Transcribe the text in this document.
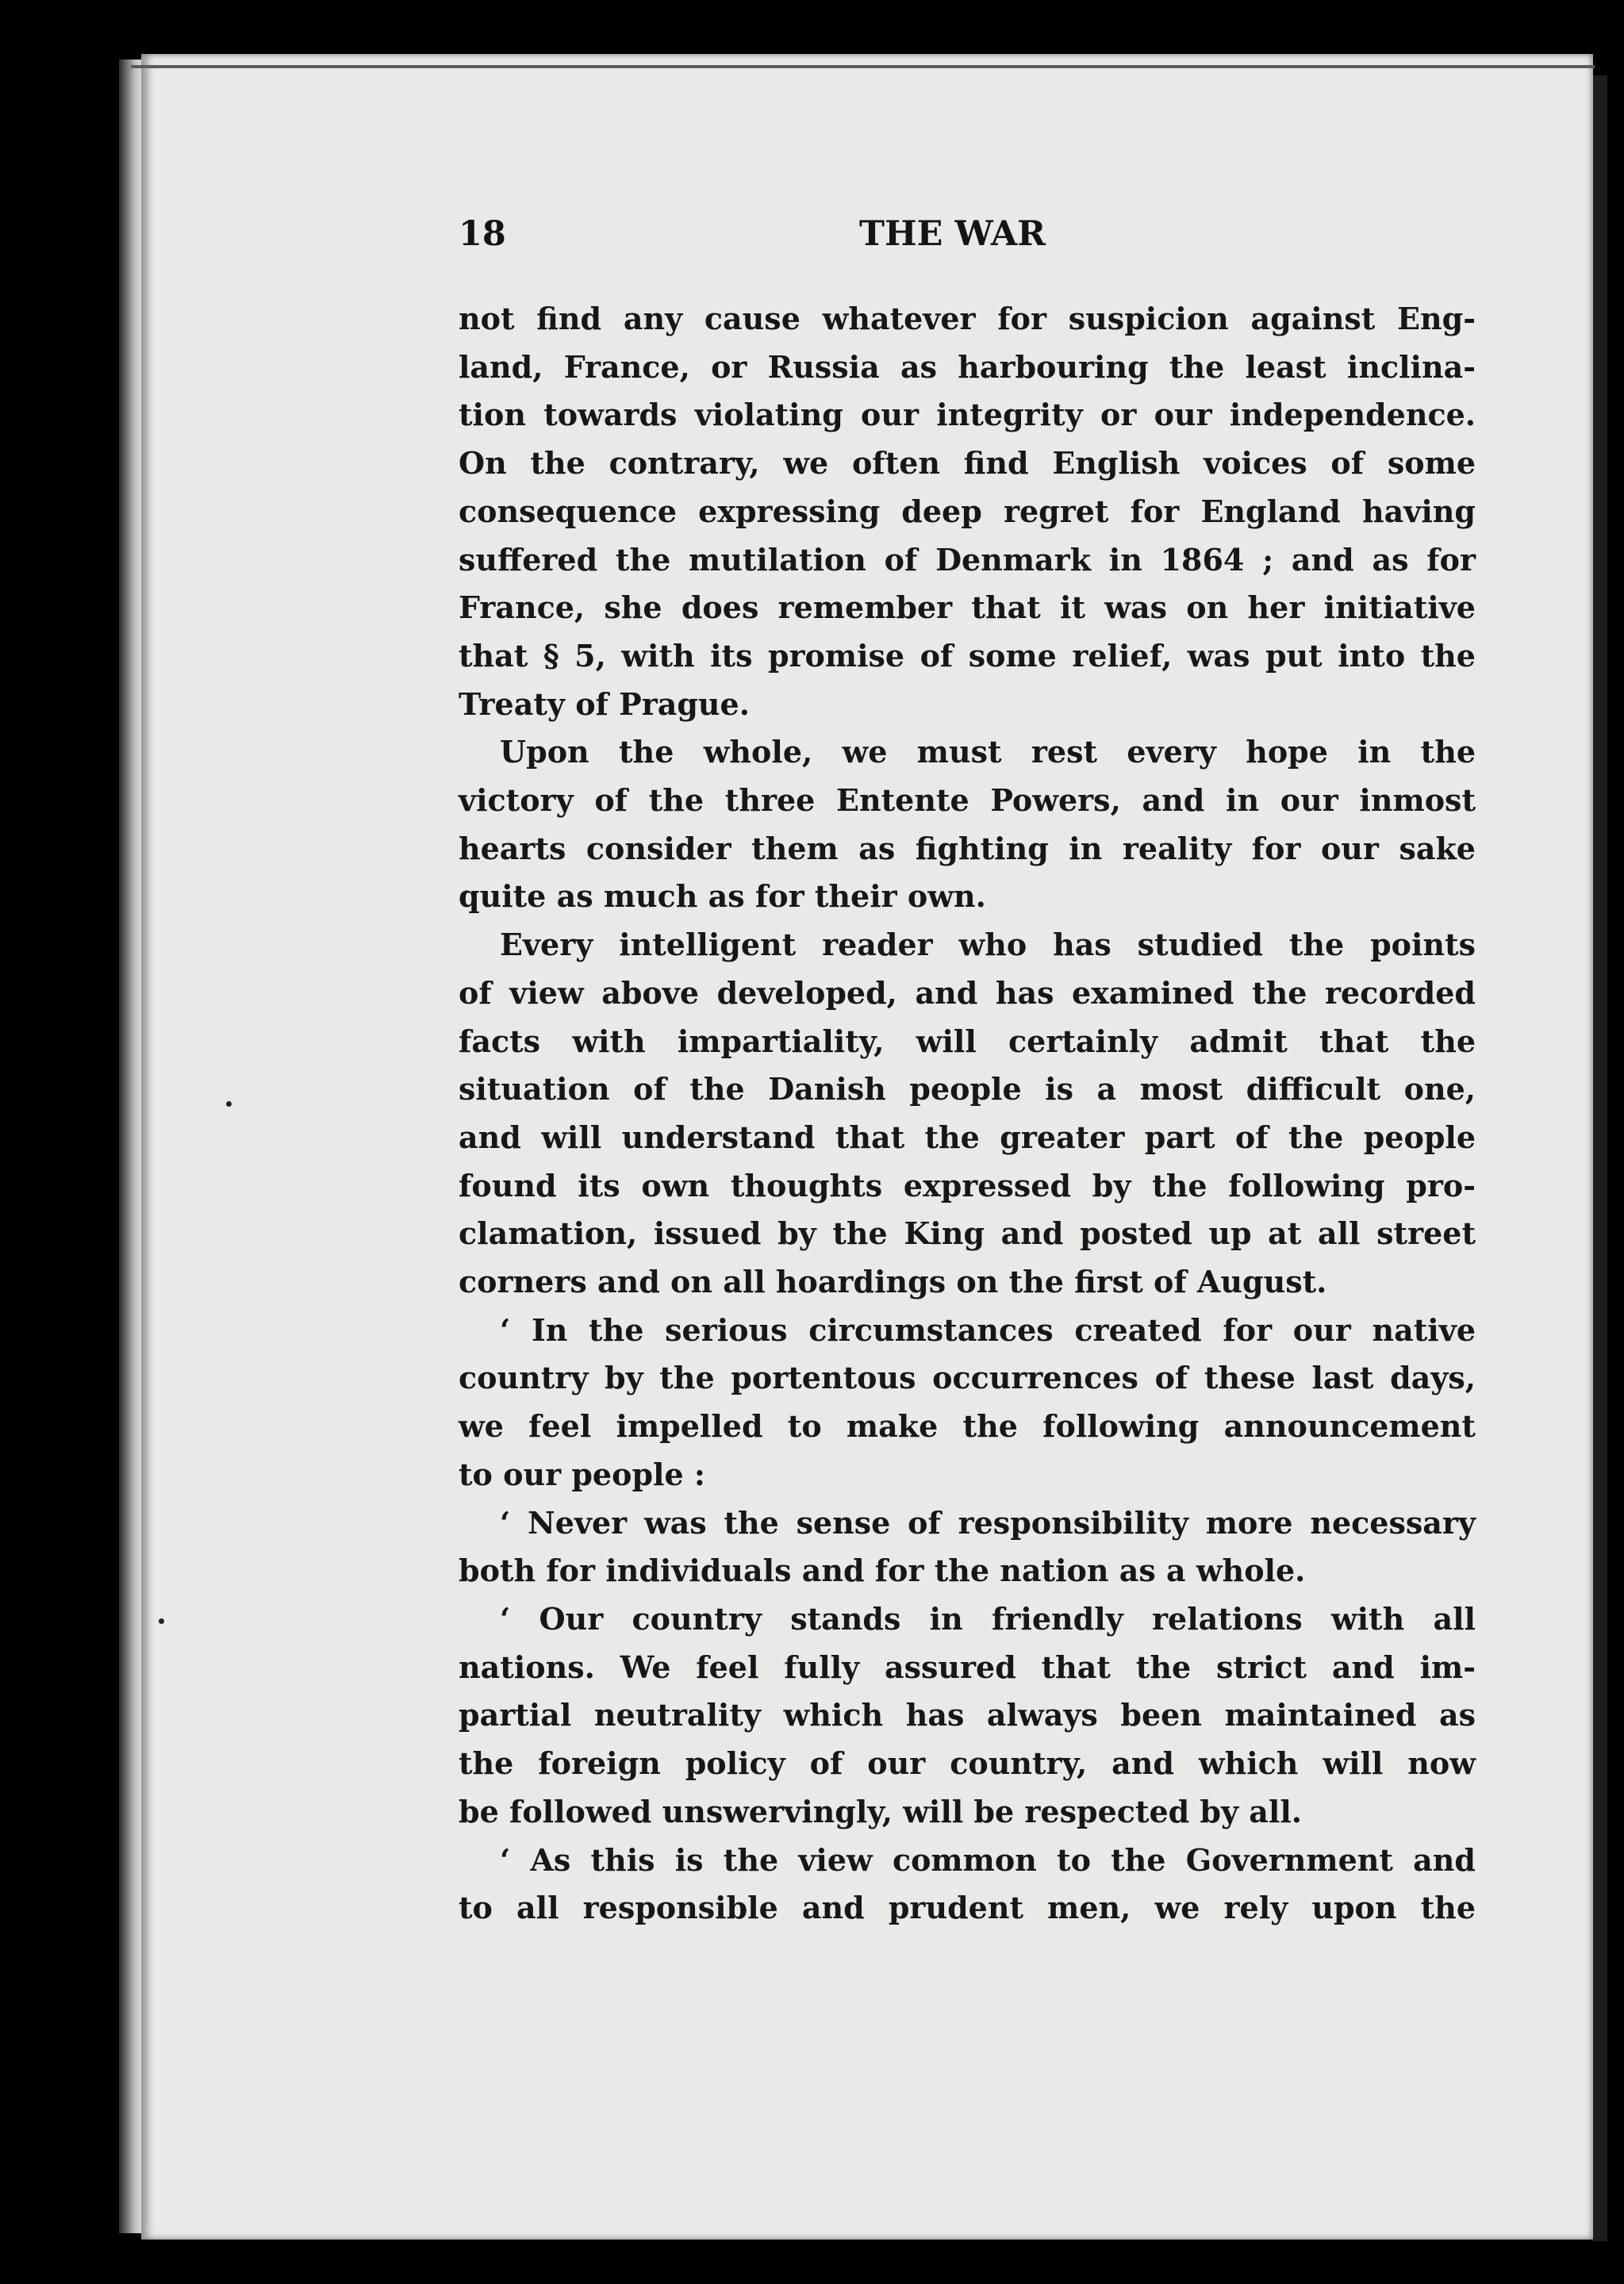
18	THE WAR

not find any cause whatever for suspicion against Eng-

land, France, or Russia as harbouring the least inclina-

tion towards violating our integrity or our independence.

On the contrary, we often find English voices of some

consequence expressing deep regret for England having

suffered the mutilation of Denmark in 1864 ; and as for

France, she does remember that it was on her initiative

that § 5, with its promise of some relief, was put into the

Treaty of Prague.

Upon the whole, we must rest every hope in the

victory of the three Entente Powers, and in our inmost

hearts consider them as fighting in reality for our sake

quite as much as for their own.

Every intelligent reader who has studied the points

of view above developed, and has examined the recorded

facts with impartiality, will certainly admit that the

situation of the Danish people is a most difficult one,

and will understand that the greater part of the people

found its own thoughts expressed by the following pro-

clamation, issued by the King and posted up at all street

corners and on all hoardings on the first of August.

‘ In the serious circumstances created for our native

country by the portentous occurrences of these last days,

we feel impelled to make the following announcement

to our people :

‘ Never was the sense of responsibility more necessary

both for individuals and for the nation as a whole.

‘ Our country stands in friendly relations with all

nations. We feel fully assured that the strict and im-

partial neutrality which has always been maintained as

the foreign policy of our country, and which will now

be followed unswervingly, will be respected by all.

‘ As this is the view common to the Government and

to all responsible and prudent men, we rely upon the
